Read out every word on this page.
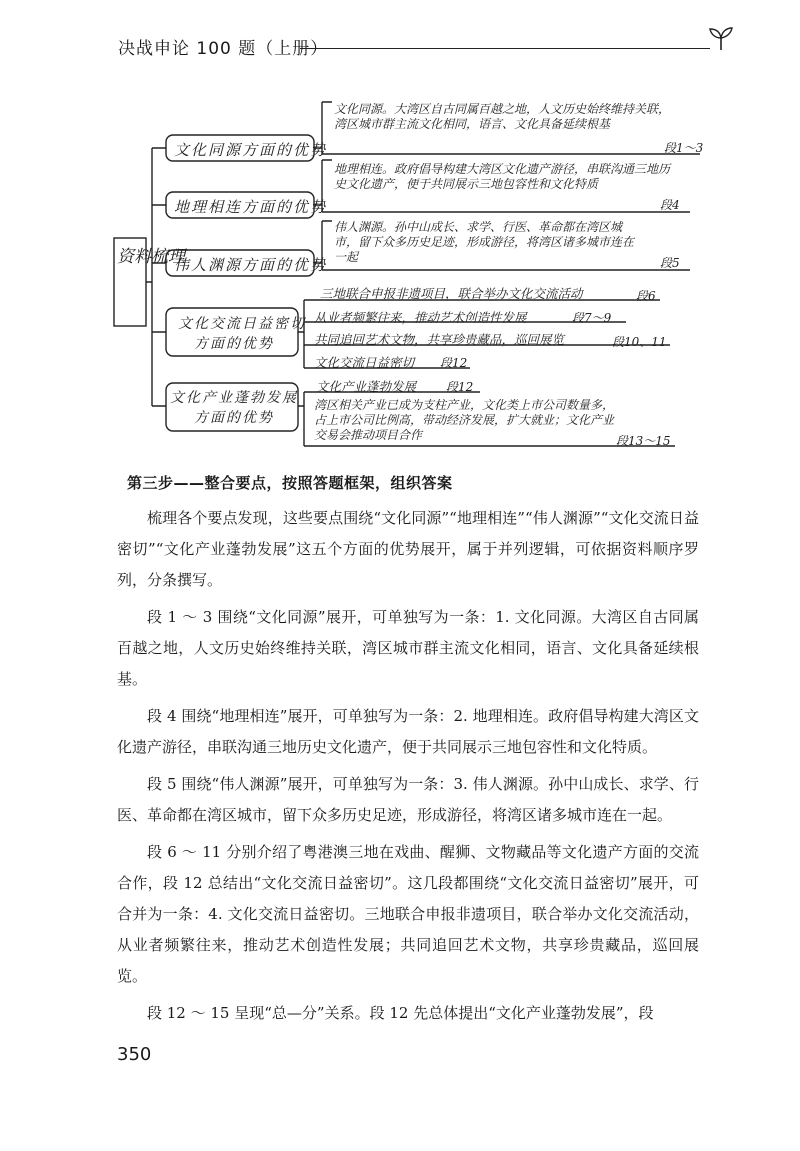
决战申论 100 题（上册）
资料梳理
文化同源方面的优势
文化同源。大湾区自古同属百越之地，人文历史始终维持关联，湾区城市群主流文化相同，语言、文化具备延续根基
段1～3
地理相连方面的优势
地理相连。政府倡导构建大湾区文化遗产游径，串联沟通三地历史文化遗产，便于共同展示三地包容性和文化特质
段4
伟人渊源方面的优势
伟人渊源。孙中山成长、求学、行医、革命都在湾区城市，留下众多历史足迹，形成游径，将湾区诸多城市连在一起	段5
文化交流日益密切
方面的优势
三地联合申报非遗项目，联合举办文化交流活动	段6
从业者频繁往来，推动艺术创造性发展	段7～9
共同追回艺术文物，共享珍贵藏品，巡回展览	段10、11
文化交流日益密切 段12
文化产业蓬勃发展
方面的优势
文化产业蓬勃发展 段12
湾区相关产业已成为支柱产业，文化类上市公司数量多，占上市公司比例高，带动经济发展，扩大就业；文化产业交易会推动项目合作	段13～15
第三步——整合要点，按照答题框架，组织答案

梳理各个要点发现，这些要点围绕“文化同源”“地理相连”“伟人渊源”“文化交流日益密切”“文化产业蓬勃发展”这五个方面的优势展开，属于并列逻辑，可依据资料顺序罗列，分条撰写。

段 1 ～ 3 围绕“文化同源”展开，可单独写为一条：1. 文化同源。大湾区自古同属百越之地，人文历史始终维持关联，湾区城市群主流文化相同，语言、文化具备延续根基。

段 4 围绕“地理相连”展开，可单独写为一条：2. 地理相连。政府倡导构建大湾区文化遗产游径，串联沟通三地历史文化遗产，便于共同展示三地包容性和文化特质。

段 5 围绕“伟人渊源”展开，可单独写为一条：3. 伟人渊源。孙中山成长、求学、行医、革命都在湾区城市，留下众多历史足迹，形成游径，将湾区诸多城市连在一起。

段 6 ～ 11 分别介绍了粤港澳三地在戏曲、醒狮、文物藏品等文化遗产方面的交流合作，段 12 总结出“文化交流日益密切”。这几段都围绕“文化交流日益密切”展开，可合并为一条：4. 文化交流日益密切。三地联合申报非遗项目，联合举办文化交流活动，从业者频繁往来，推动艺术创造性发展；共同追回艺术文物，共享珍贵藏品，巡回展览。

段 12 ～ 15 呈现“总—分”关系。段 12 先总体提出“文化产业蓬勃发展”，段

350
